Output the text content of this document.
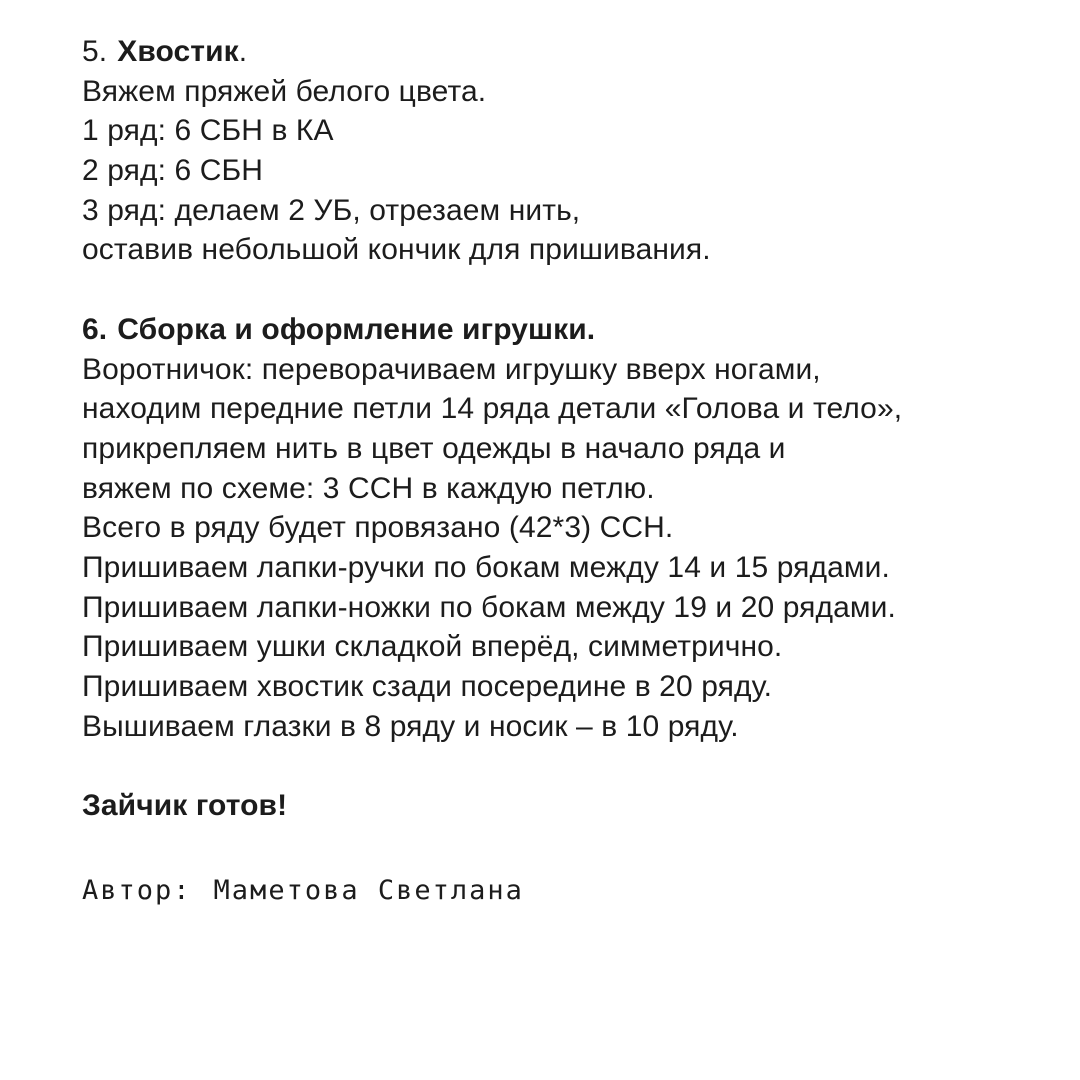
5. Хвостик.
Вяжем пряжей белого цвета.
1 ряд: 6 СБН в КА
2 ряд: 6 СБН
3 ряд: делаем 2 УБ, отрезаем нить,
оставив небольшой кончик для пришивания.
6. Сборка и оформление игрушки.
Воротничок: переворачиваем игрушку вверх ногами,
находим передние петли 14 ряда детали «Голова и тело»,
прикрепляем нить в цвет одежды в начало ряда и
вяжем по схеме: 3 ССН в каждую петлю.
Всего в ряду будет провязано (42*3) ССН.
Пришиваем лапки-ручки по бокам между 14 и 15 рядами.
Пришиваем лапки-ножки по бокам между 19 и 20 рядами.
Пришиваем ушки складкой вперёд, симметрично.
Пришиваем хвостик сзади посередине в 20 ряду.
Вышиваем глазки в 8 ряду и носик – в 10 ряду.
Зайчик готов!
Автор: Маметова Светлана
